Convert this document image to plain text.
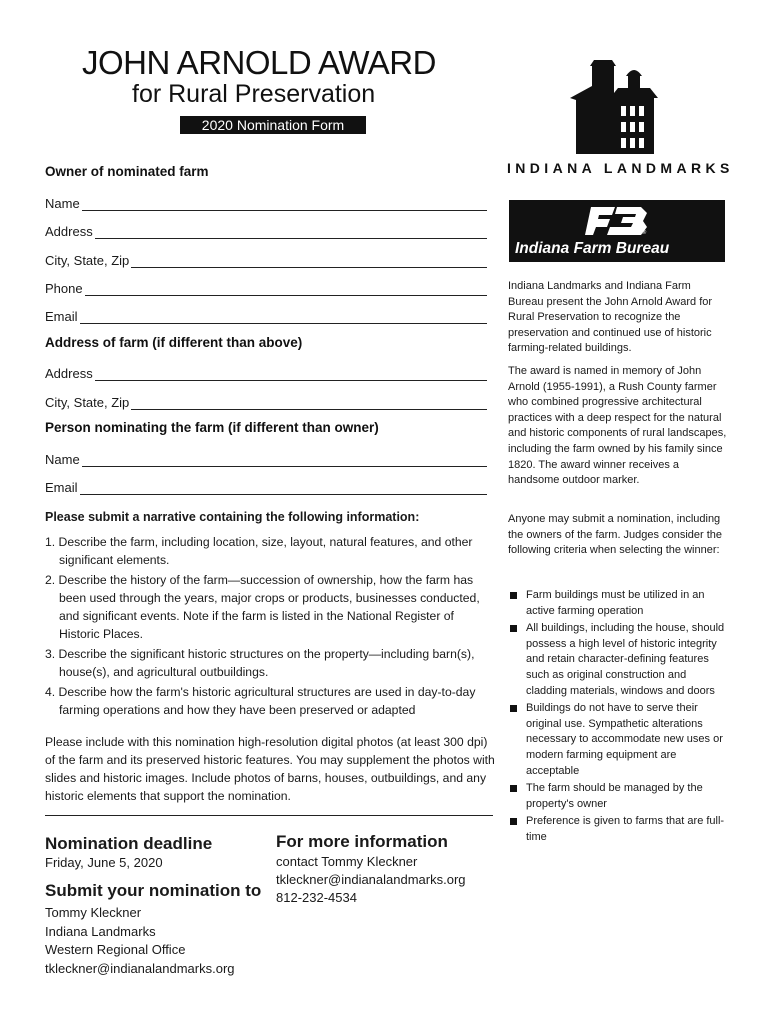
JOHN ARNOLD AWARD
for Rural Preservation
2020 Nomination Form
Owner of nominated farm
Name
Address
City, State, Zip
Phone
Email
Address of farm (if different than above)
Address
City, State, Zip
Person nominating the farm (if different than owner)
Name
Email
Please submit a narrative containing the following information:
1. Describe the farm, including location, size, layout, natural features, and other significant elements.
2. Describe the history of the farm—succession of ownership, how the farm has been used through the years, major crops or products, businesses conducted, and significant events. Note if the farm is listed in the National Register of Historic Places.
3. Describe the significant historic structures on the property—including barn(s), house(s), and agricultural outbuildings.
4. Describe how the farm's historic agricultural structures are used in day-to-day farming operations and how they have been preserved or adapted
Please include with this nomination high-resolution digital photos (at least 300 dpi) of the farm and its preserved historic features. You may supplement the photos with slides and historic images. Include photos of barns, houses, outbuildings, and any historic elements that support the nomination.
Nomination deadline
Friday, June 5, 2020
Submit your nomination to
Tommy Kleckner
Indiana Landmarks
Western Regional Office
tkleckner@indianalandmarks.org
For more information
contact Tommy Kleckner
tkleckner@indianalandmarks.org
812-232-4534
INDIANA LANDMARKS
®
Indiana Farm Bureau
Indiana Landmarks and Indiana Farm Bureau present the John Arnold Award for Rural Preservation to recognize the preservation and continued use of historic farming-related buildings.
The award is named in memory of John Arnold (1955-1991), a Rush County farmer who combined progressive architectural practices with a deep respect for the natural and historic components of rural landscapes, including the farm owned by his family since 1820. The award winner receives a handsome outdoor marker.
Anyone may submit a nomination, including the owners of the farm. Judges consider the following criteria when selecting the winner:
Farm buildings must be utilized in an active farming operation
All buildings, including the house, should possess a high level of historic integrity and retain character-defining features such as original construction and cladding materials, windows and doors
Buildings do not have to serve their original use. Sympathetic alterations necessary to accommodate new uses or modern farming equipment are acceptable
The farm should be managed by the property's owner
Preference is given to farms that are full-time
